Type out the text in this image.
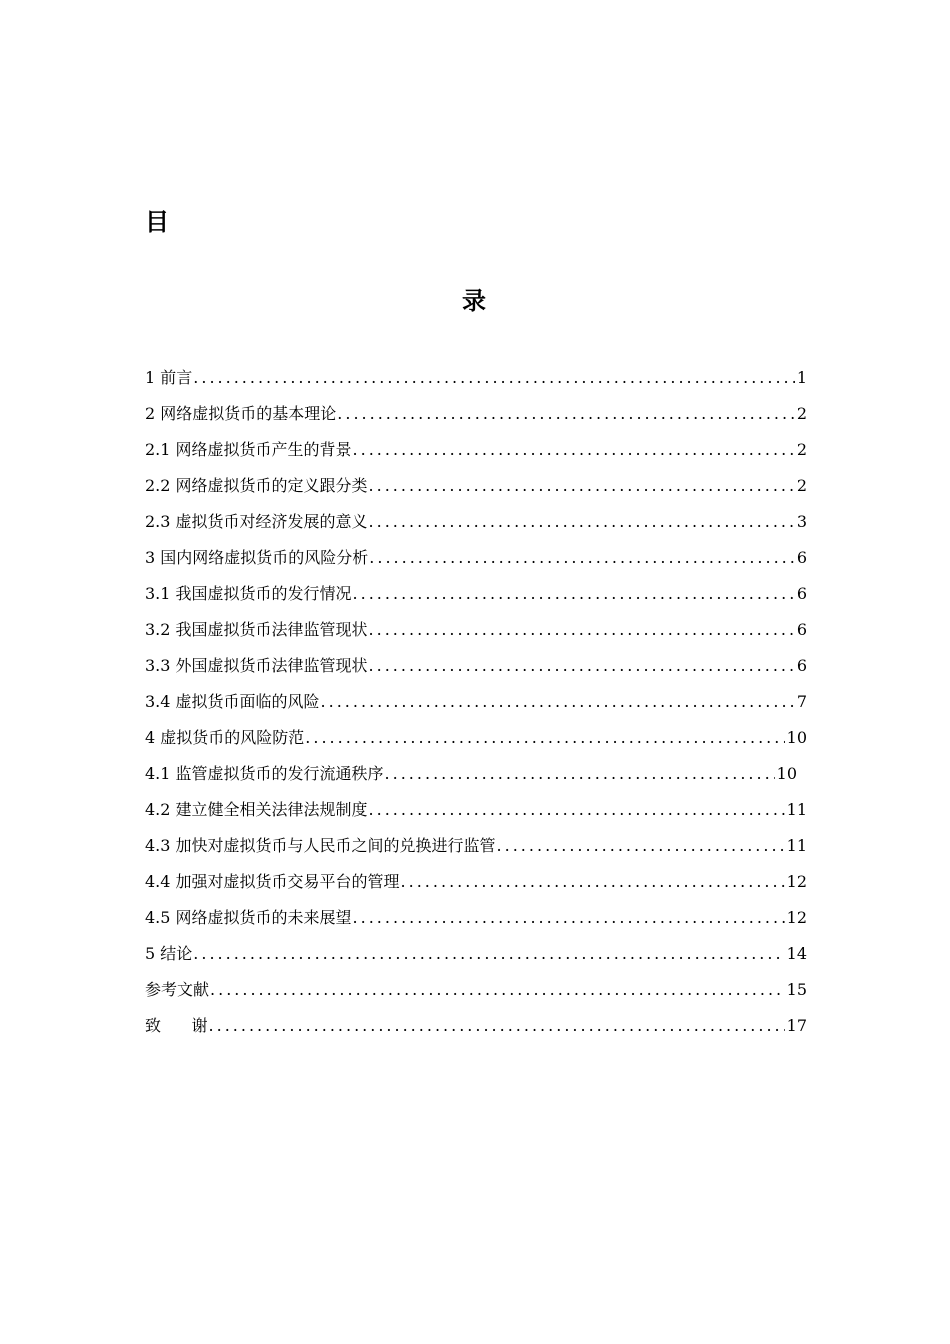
目
录
1 前言 .....	1
2 网络虚拟货币的基本理论 .....	2
2.1 网络虚拟货币产生的背景 .....	2
2.2 网络虚拟货币的定义跟分类 .....	2
2.3 虚拟货币对经济发展的意义 .....	3
3 国内网络虚拟货币的风险分析 .....	6
3.1 我国虚拟货币的发行情况 .....	6
3.2 我国虚拟货币法律监管现状 .....	6
3.3 外国虚拟货币法律监管现状 .....	6
3.4 虚拟货币面临的风险 .....	7
4 虚拟货币的风险防范 .....	10
4.1 监管虚拟货币的发行流通秩序 .....	10
4.2 建立健全相关法律法规制度 .....	11
4.3 加快对虚拟货币与人民币之间的兑换进行监管 .....	11
4.4 加强对虚拟货币交易平台的管理 .....	12
4.5 网络虚拟货币的未来展望 .....	12
5 结论 .....	14
参考文献 .....	15
致      谢 .....	17
